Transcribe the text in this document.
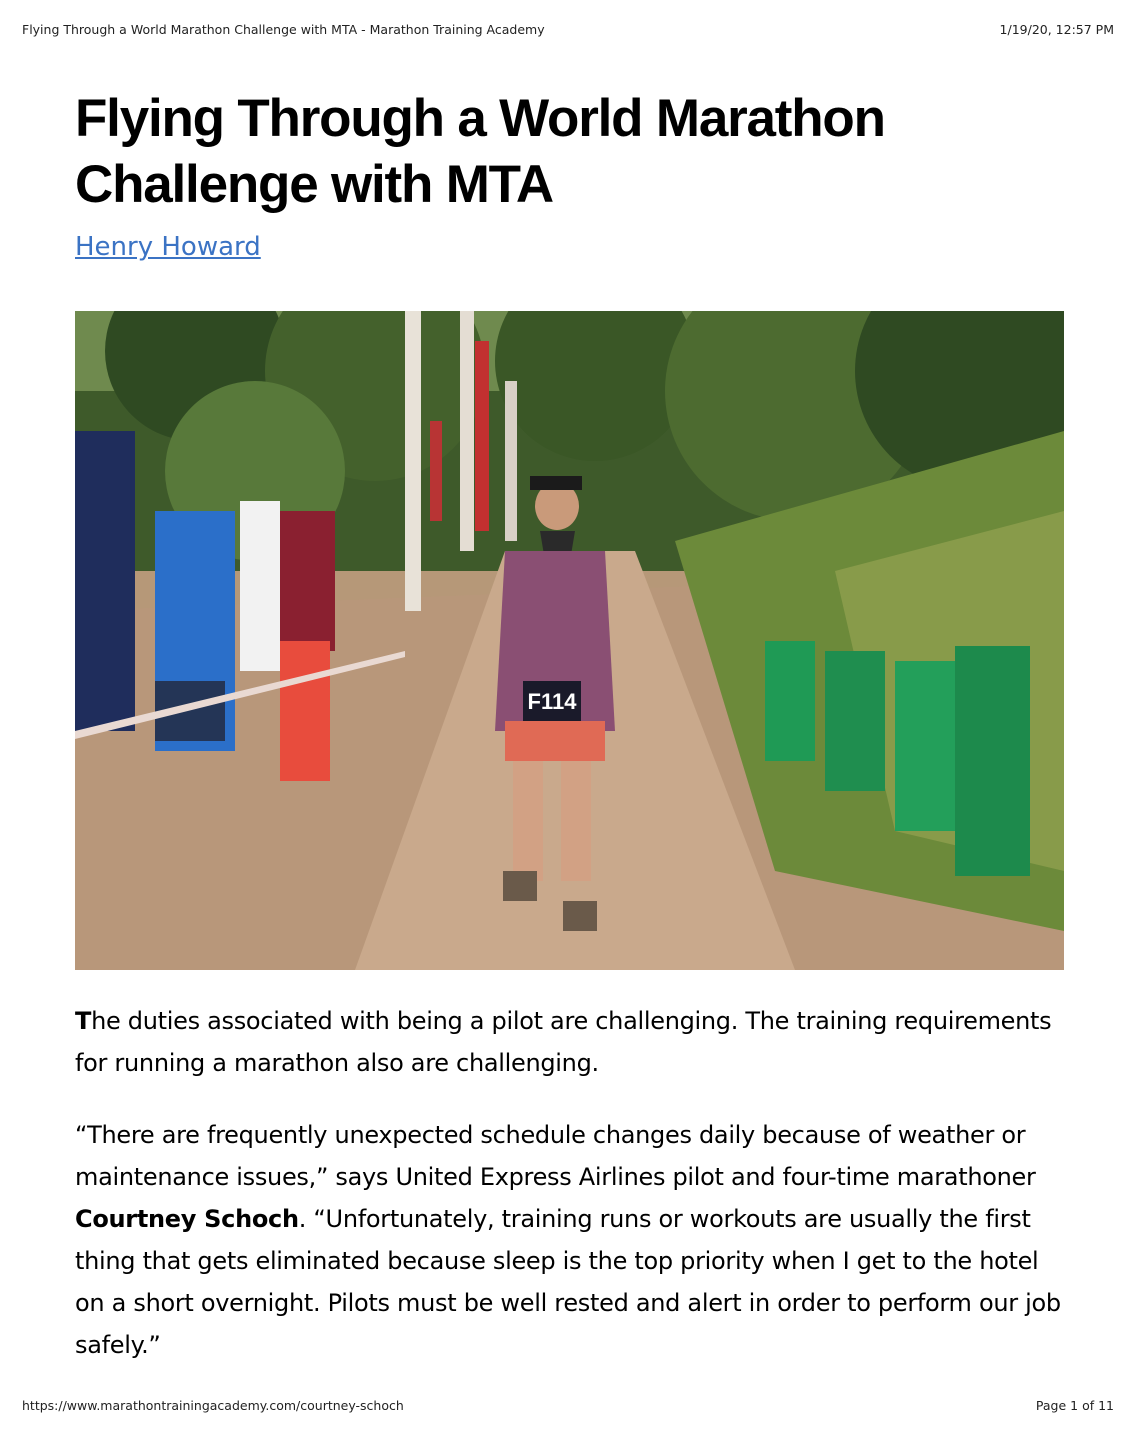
Flying Through a World Marathon Challenge with MTA - Marathon Training Academy	1/19/20, 12:57 PM
Flying Through a World Marathon Challenge with MTA
Henry Howard
F114

The duties associated with being a pilot are challenging. The training requirements for running a marathon also are challenging.

“There are frequently unexpected schedule changes daily because of weather or maintenance issues,” says United Express Airlines pilot and four-time marathoner Courtney Schoch. “Unfortunately, training runs or workouts are usually the first thing that gets eliminated because sleep is the top priority when I get to the hotel on a short overnight. Pilots must be well rested and alert in order to perform our job safely.”

https://www.marathontrainingacademy.com/courtney-schoch	Page 1 of 11
